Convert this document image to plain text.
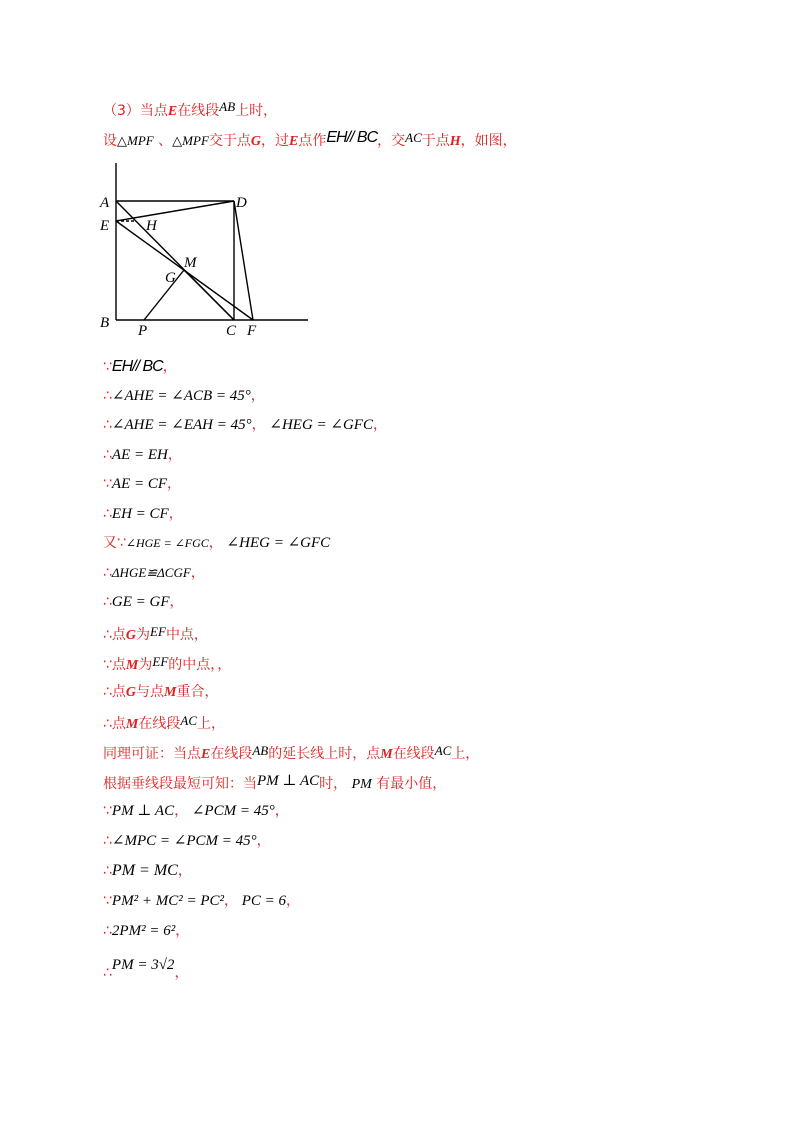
（3）当点E在线段AB上时，
设△MPF 、△MPF交于点G，过E点作EH// BC，交AC于点H，如图，
A	D
E H
M
G
B P	C F
∵EH// BC，
∴∠AHE = ∠ACB = 45°，
∴∠AHE = ∠EAH = 45°， ∠HEG = ∠GFC，
∴AE = EH，
∵AE = CF，
∴EH = CF，
又∵∠HGE = ∠FGC， ∠HEG = ∠GFC
∴ΔHGE≌ΔCGF，
∴GE = GF，
∴点G为EF中点，
∵点M为EF的中点，，
∴点G与点M重合，
∴点M在线段AC上，
同理可证：当点E在线段AB的延长线上时，点M在线段AC上，
根据垂线段最短可知：当PM ⊥ AC时， PM 有最小值，
∵PM ⊥ AC， ∠PCM = 45°，
∴∠MPC = ∠PCM = 45°，
∴PM = MC，
∵PM² + MC² = PC²， PC = 6，
∴2PM² = 6²，
∴PM = 3√2，
